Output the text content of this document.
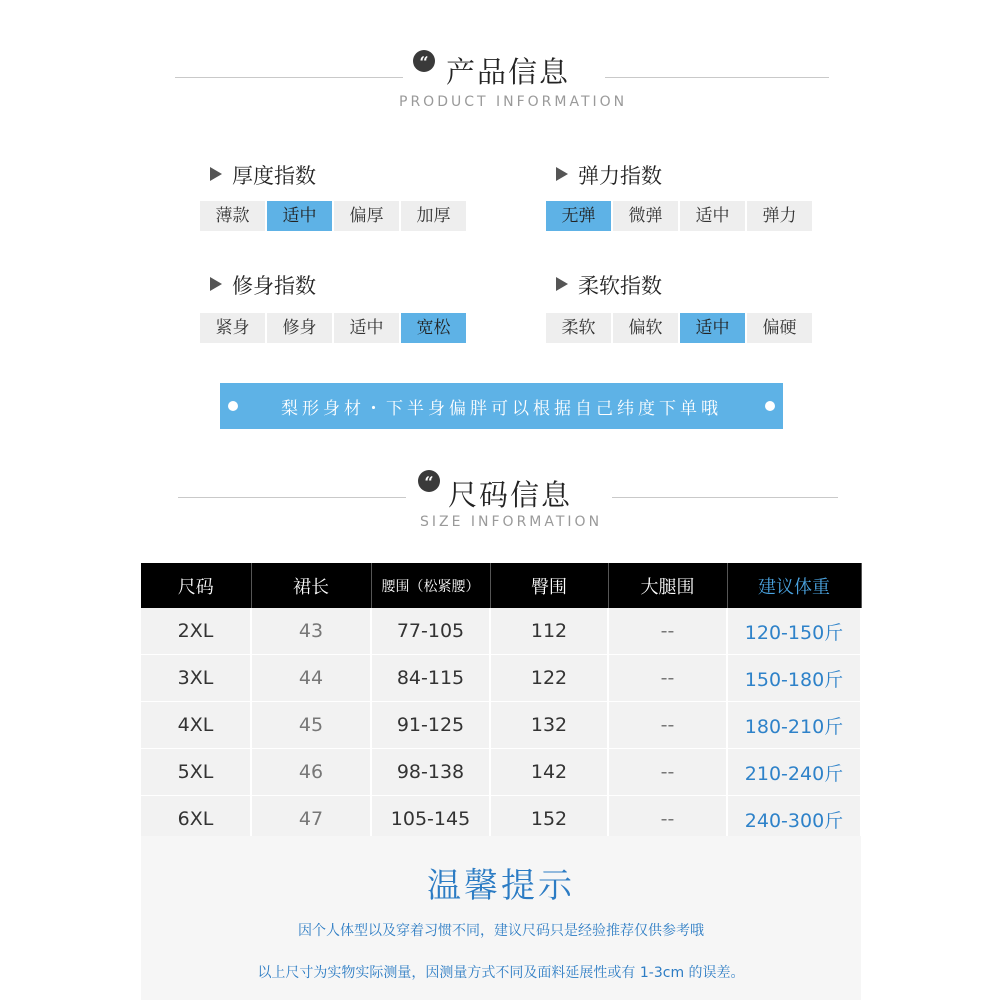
“ 产品信息
PRODUCT INFORMATION
厚度指数
薄款	适中	偏厚	加厚
弹力指数
无弹	微弹	适中	弹力
修身指数
紧身	修身	适中	宽松
柔软指数
柔软	偏软	适中	偏硬
梨形身材・下半身偏胖可以根据自己纬度下单哦
“ 尺码信息
SIZE INFORMATION
尺码	裙长	腰围（松紧腰）	臀围	大腿围	建议体重
2XL	43	77-105	112	--	120-150斤
3XL	44	84-115	122	--	150-180斤
4XL	45	91-125	132	--	180-210斤
5XL	46	98-138	142	--	210-240斤
6XL	47	105-145	152	--	240-300斤
温馨提示
因个人体型以及穿着习惯不同，建议尺码只是经验推荐仅供参考哦
以上尺寸为实物实际测量，因测量方式不同及面料延展性或有 1-3cm 的误差。
